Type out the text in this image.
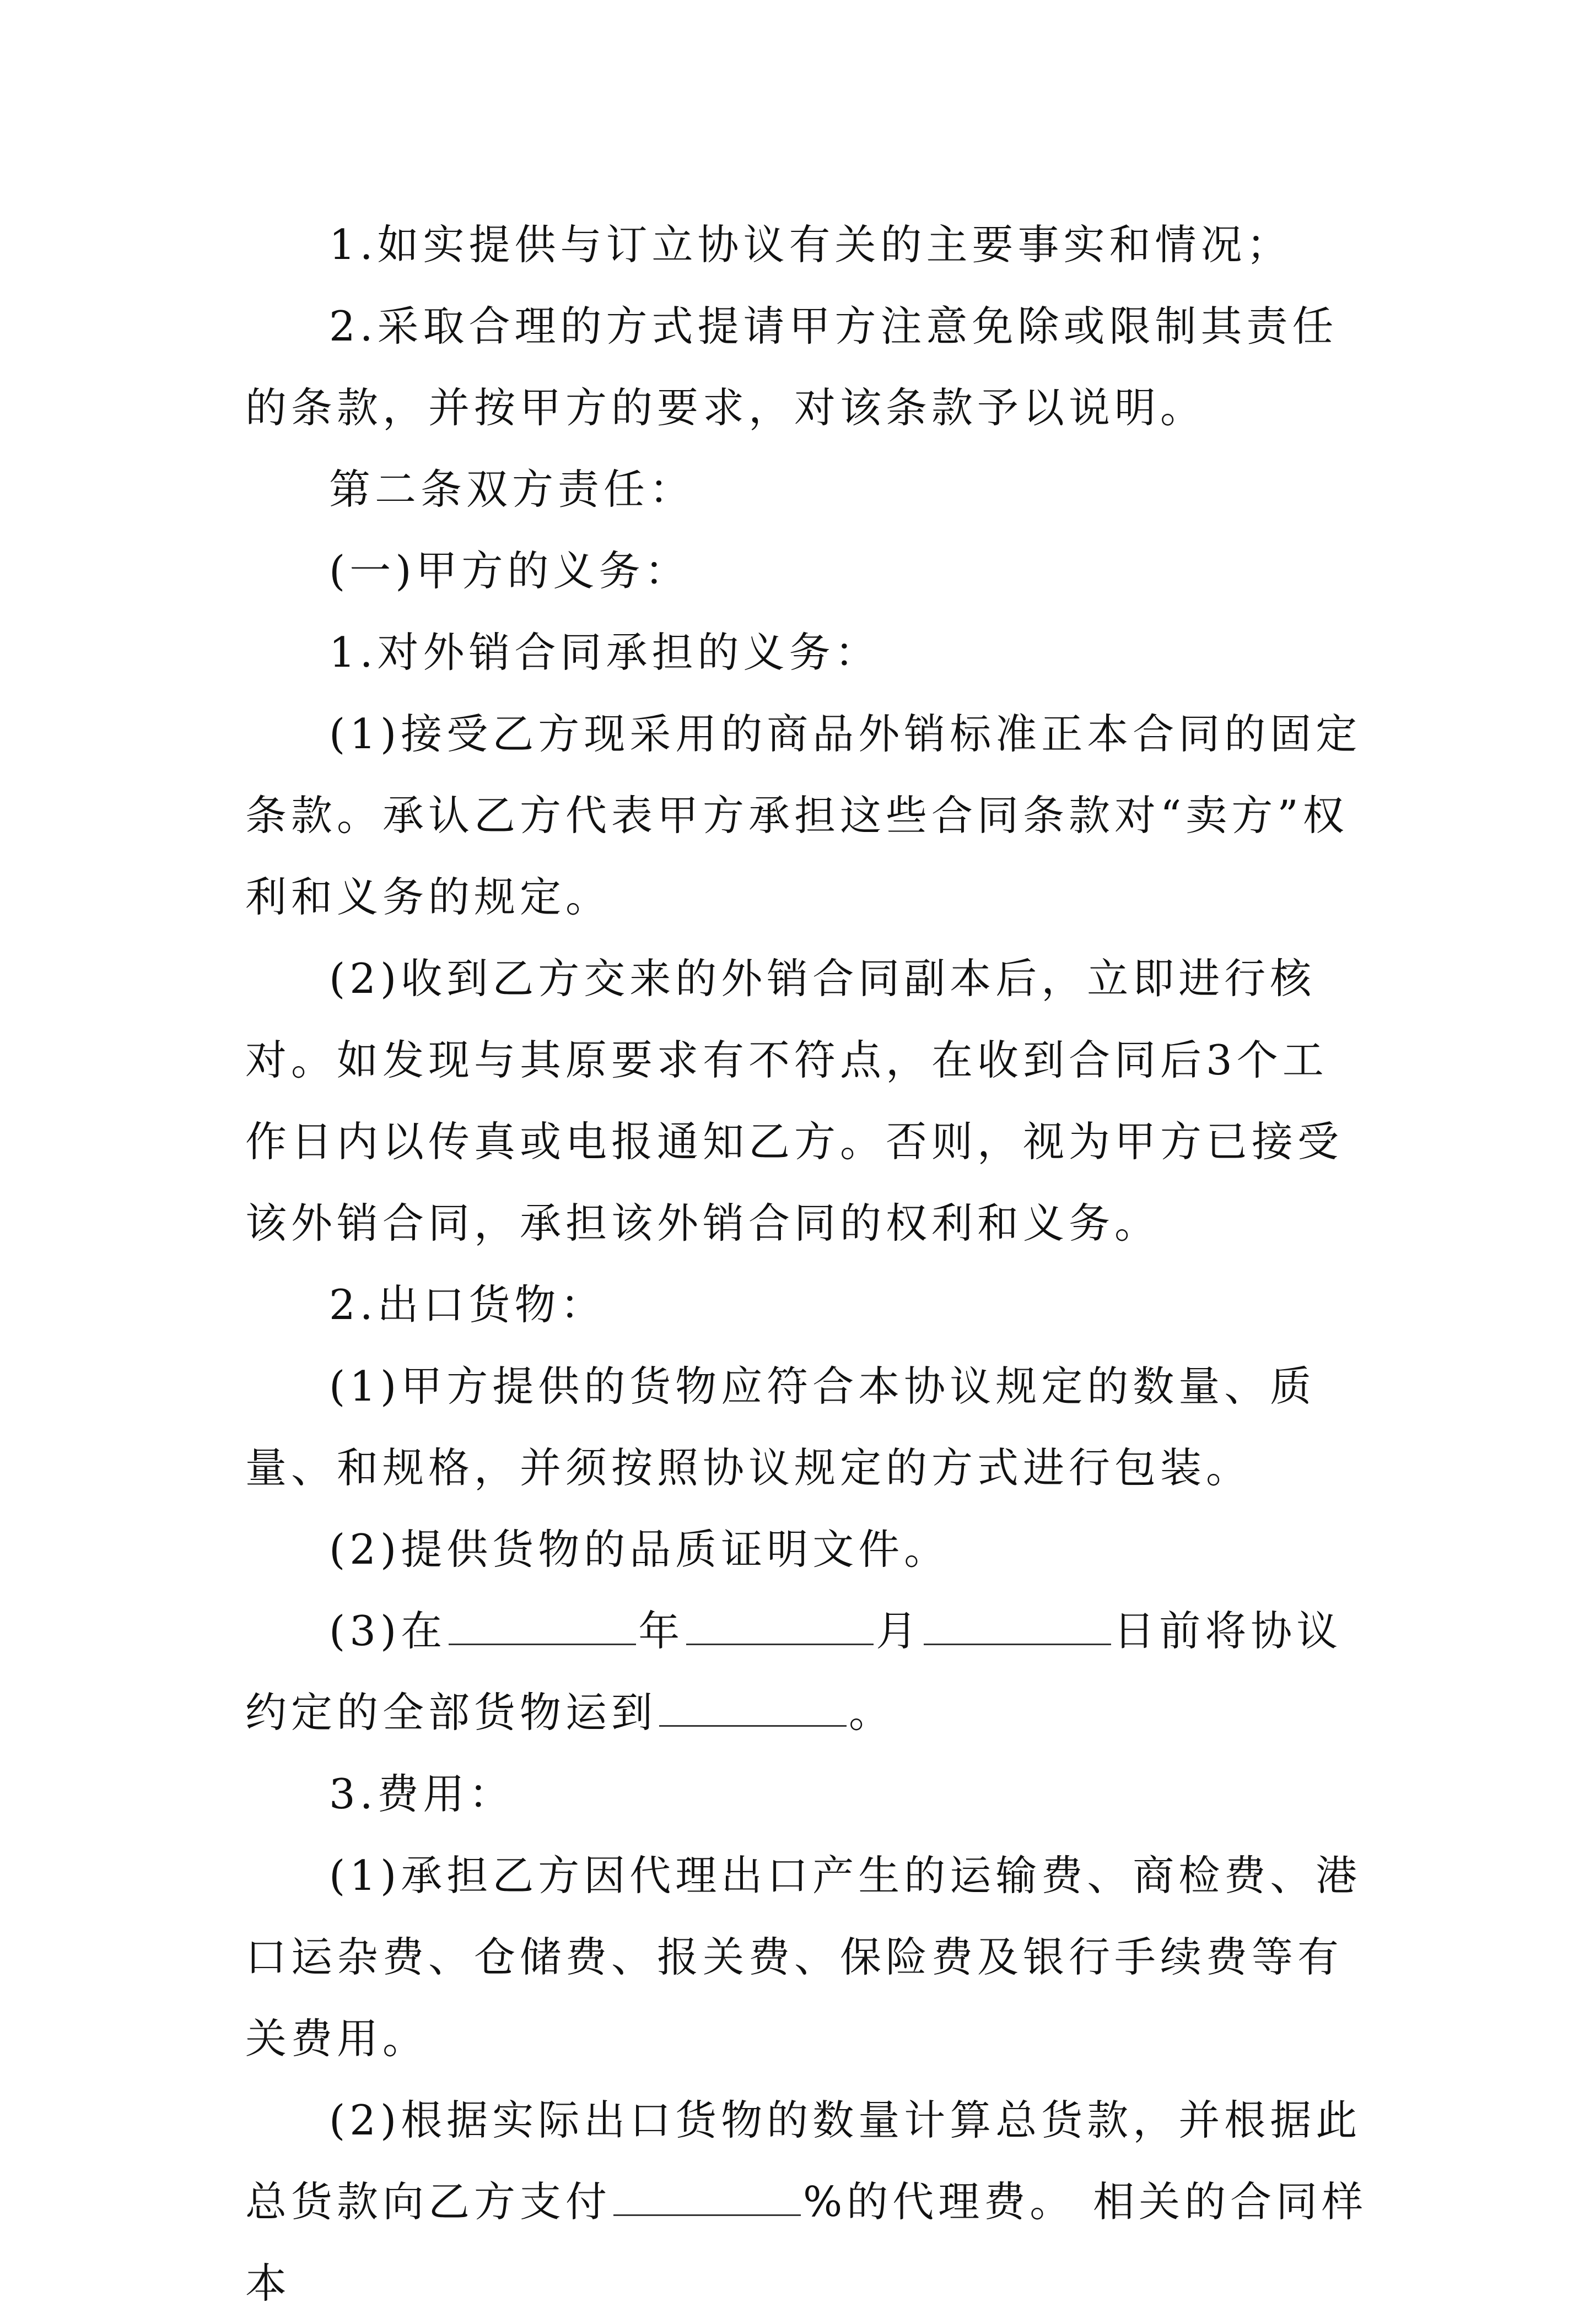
1.如实提供与订立协议有关的主要事实和情况；

2.采取合理的方式提请甲方注意免除或限制其责任的条款，并按甲方的要求，对该条款予以说明。

第二条双方责任：

(一)甲方的义务：

1.对外销合同承担的义务：

(1)接受乙方现采用的商品外销标准正本合同的固定条款。承认乙方代表甲方承担这些合同条款对“卖方”权利和义务的规定。

(2)收到乙方交来的外销合同副本后，立即进行核对。如发现与其原要求有不符点，在收到合同后3个工作日内以传真或电报通知乙方。否则，视为甲方已接受该外销合同，承担该外销合同的权利和义务。

2.出口货物：

(1)甲方提供的货物应符合本协议规定的数量、质量、和规格，并须按照协议规定的方式进行包装。

(2)提供货物的品质证明文件。

(3)在	年	月	日前将协议约定的全部货物运到	。

3.费用：

(1)承担乙方因代理出口产生的运输费、商检费、港口运杂费、仓储费、报关费、保险费及银行手续费等有关费用。

(2)根据实际出口货物的数量计算总货款，并根据此总货款向乙方支付	%的代理费。 相关的合同样本
